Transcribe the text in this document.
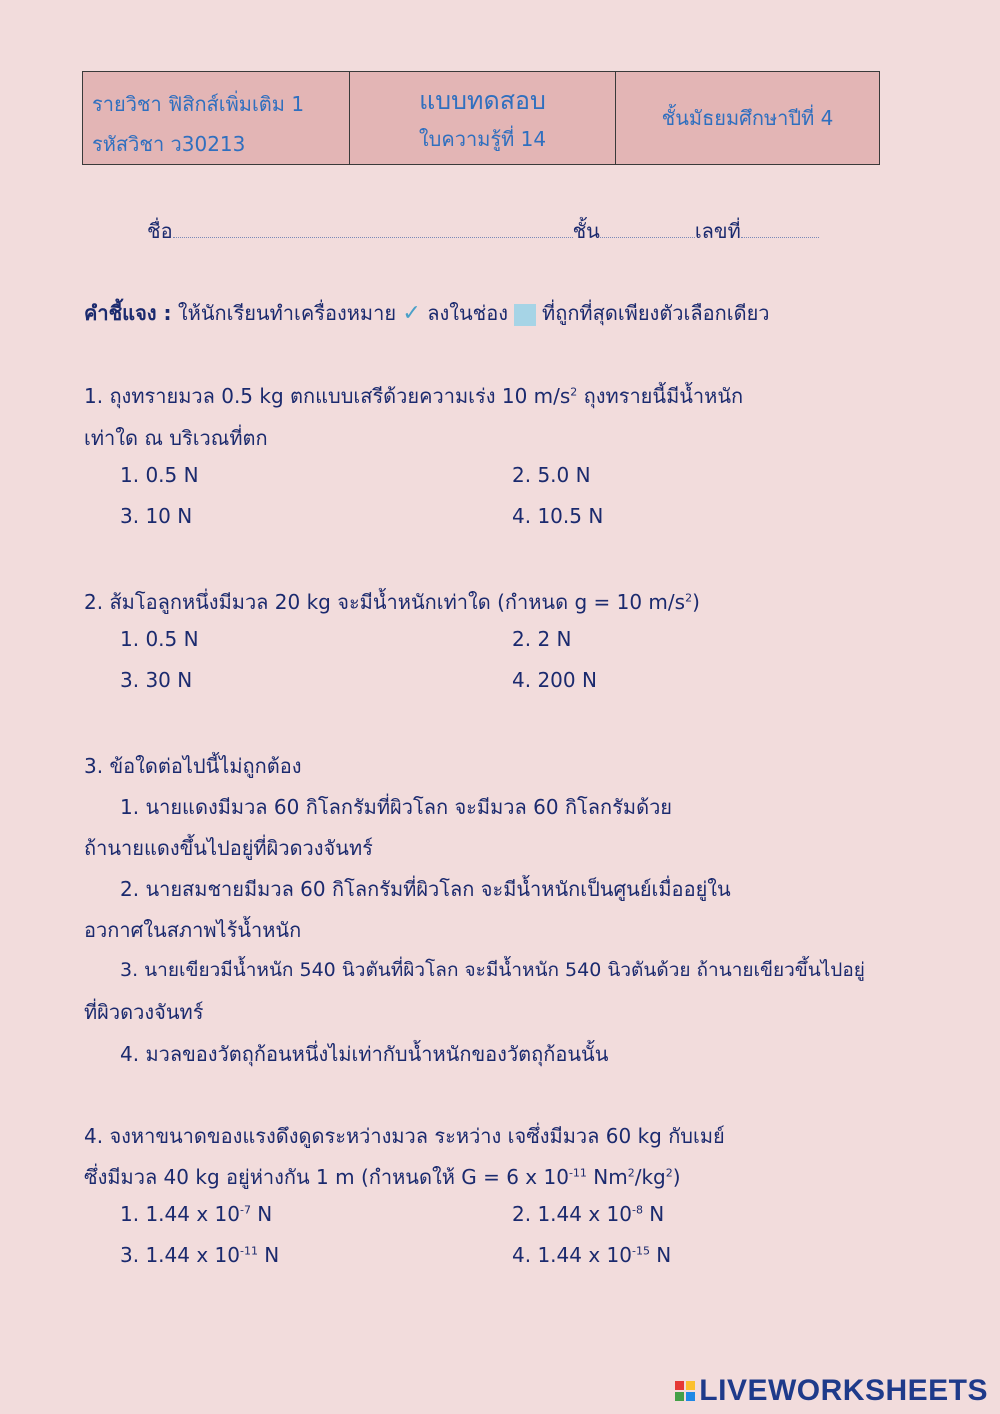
รายวิชา ฟิสิกส์เพิ่มเติม 1
รหัสวิชา ว30213
แบบทดสอบ
ใบความรู้ที่ 14
ชั้นมัธยมศึกษาปีที่ 4
ชื่อ	ชั้น	เลขที่
คำชี้แจง : ให้นักเรียนทำเครื่องหมาย ✓ ลงในช่อง ที่ถูกที่สุดเพียงตัวเลือกเดียว
1. ถุงทรายมวล 0.5 kg ตกแบบเสรีด้วยความเร่ง 10 $m/s^2$ ถุงทรายนี้มีน้ำหนัก
เท่าใด ณ บริเวณที่ตก
1. 0.5 N	2. 5.0 N
3. 10 N	4. 10.5 N
2. ส้มโอลูกหนึ่งมีมวล 20 kg จะมีน้ำหนักเท่าใด (กำหนด g = 10 $m/s^2$)
1. 0.5 N	2. 2 N
3. 30 N	4. 200 N
3. ข้อใดต่อไปนี้ไม่ถูกต้อง
1. นายแดงมีมวล 60 กิโลกรัมที่ผิวโลก จะมีมวล 60 กิโลกรัมด้วย
ถ้านายแดงขึ้นไปอยู่ที่ผิวดวงจันทร์
2. นายสมชายมีมวล 60 กิโลกรัมที่ผิวโลก จะมีน้ำหนักเป็นศูนย์เมื่ออยู่ใน
อวกาศในสภาพไร้น้ำหนัก
3. นายเขียวมีน้ำหนัก 540 นิวตันที่ผิวโลก จะมีน้ำหนัก 540 นิวตันด้วย ถ้านายเขียวขึ้นไปอยู่
ที่ผิวดวงจันทร์
4. มวลของวัตถุก้อนหนึ่งไม่เท่ากับน้ำหนักของวัตถุก้อนนั้น
4. จงหาขนาดของแรงดึงดูดระหว่างมวล ระหว่าง เจซึ่งมีมวล 60 kg กับเมย์
ซึ่งมีมวล 40 kg อยู่ห่างกัน 1 m (กำหนดให้ G = 6 x $10^{-11}$ $Nm^2/kg^2$)
1. 1.44 x $10^{-7}$ N	2. 1.44 x $10^{-8}$ N
3. 1.44 x $10^{-11}$ N	4. 1.44 x $10^{-15}$ N
LIVEWORKSHEETS
